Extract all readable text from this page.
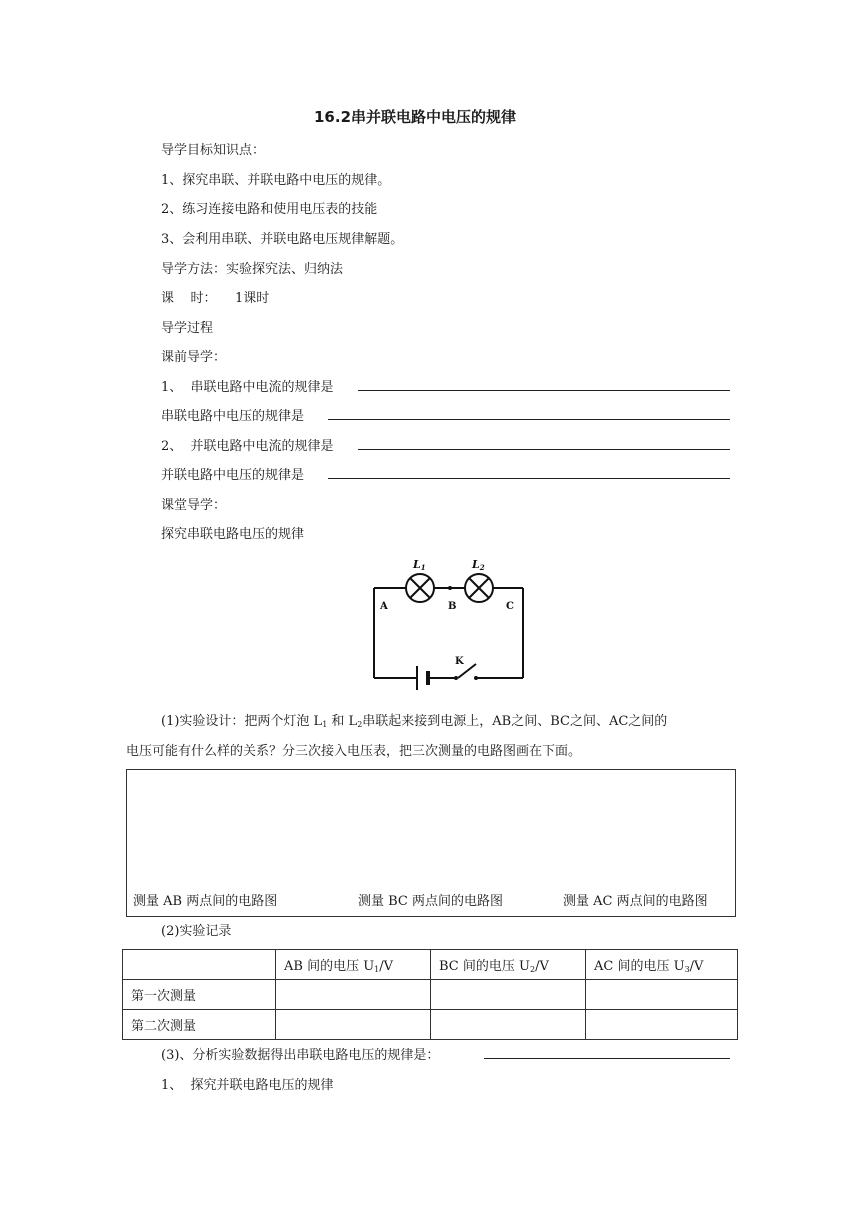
16.2串并联电路中电压的规律
导学目标知识点：
1、探究串联、并联电路中电压的规律。
2、练习连接电路和使用电压表的技能
3、会利用串联、并联电路电压规律解题。
导学方法：实验探究法、归纳法
课    时： 1课时
导学过程
课前导学：
1、  串联电路中电流的规律是
串联电路中电压的规律是
2、  并联电路中电流的规律是
并联电路中电压的规律是
课堂导学：
探究串联电路电压的规律
L1	L2
A	B	C
K
(1)实验设计：把两个灯泡 $L_1$ 和 $L_2$串联起来接到电源上，AB之间、BC之间、AC之间的
电压可能有什么样的关系？分三次接入电压表，把三次测量的电路图画在下面。
测量 AB 两点间的电路图	测量 BC 两点间的电路图	测量 AC 两点间的电路图
(2)实验记录
	AB 间的电压 $U_1/V$	BC 间的电压 $U_2/V$	AC 间的电压 $U_3/V$
第一次测量			
第二次测量			
(3)、分析实验数据得出串联电路电压的规律是：
1、  探究并联电路电压的规律
